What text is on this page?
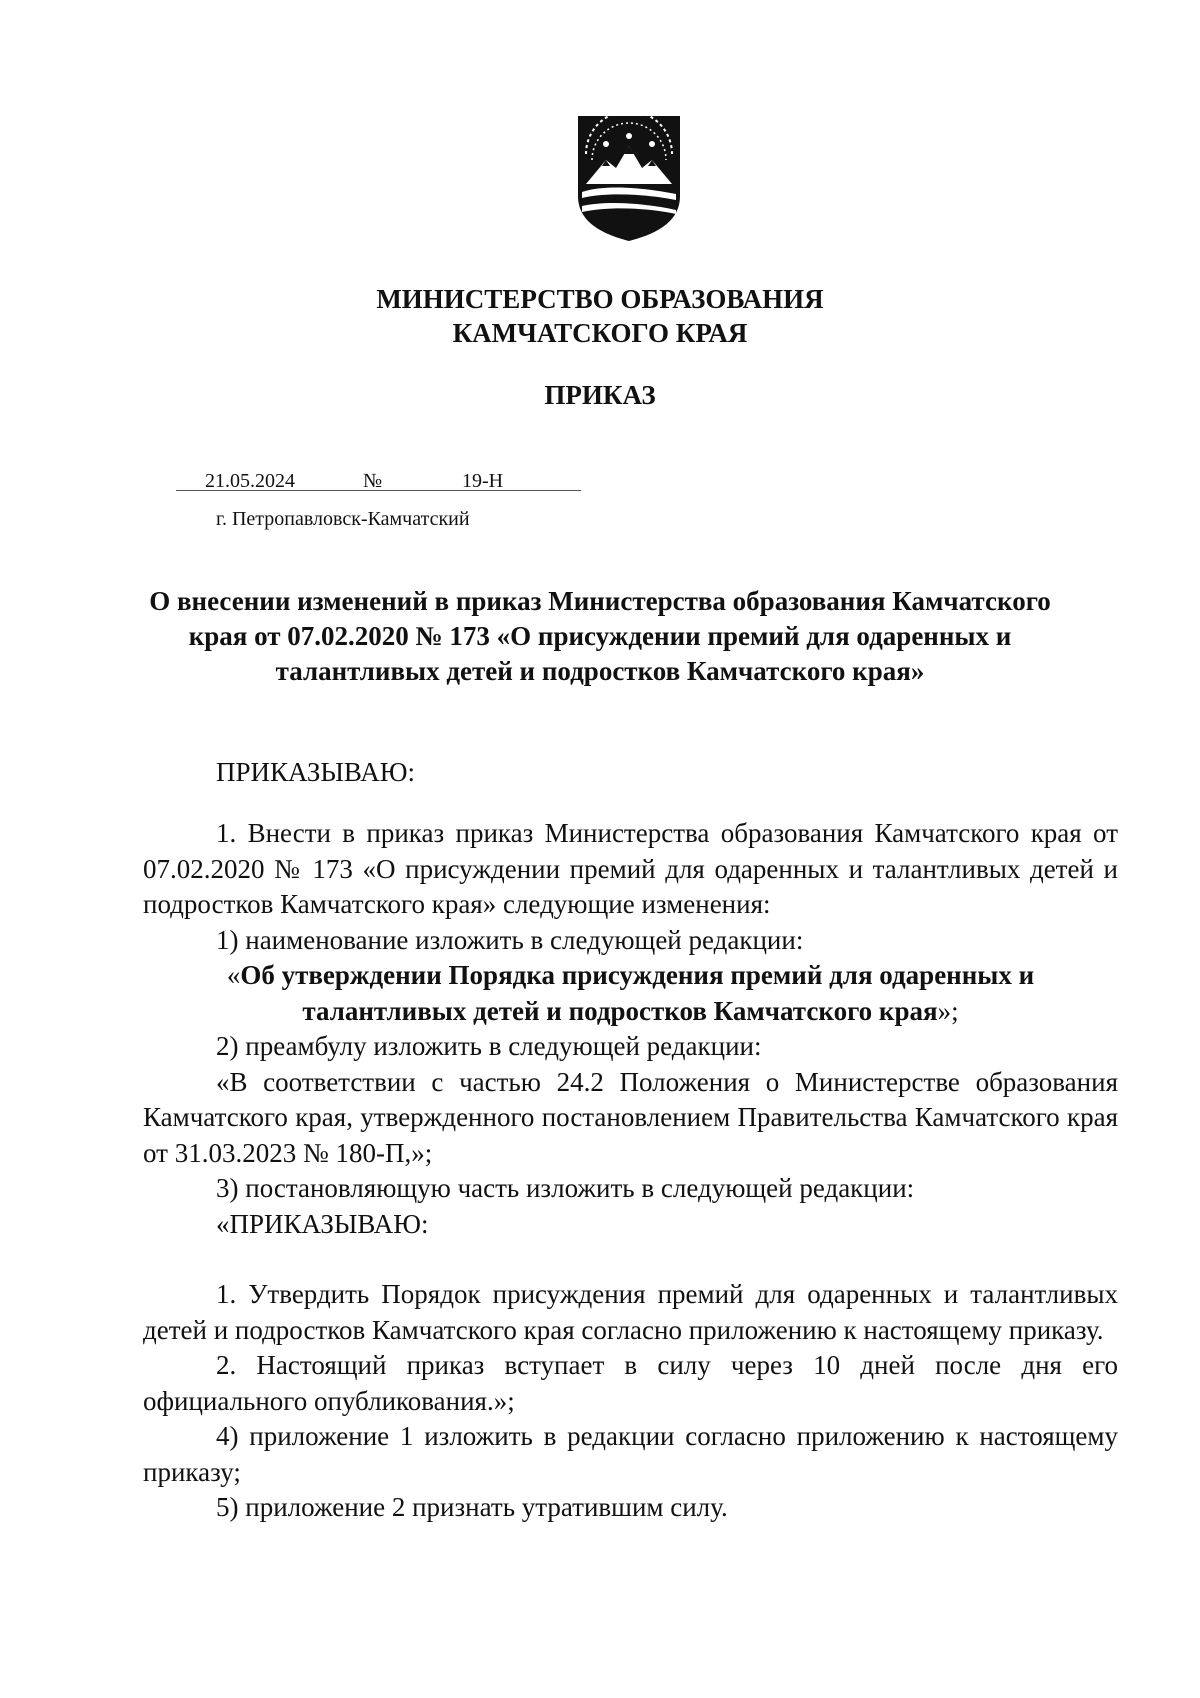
МИНИСТЕРСТВО ОБРАЗОВАНИЯ
КАМЧАТСКОГО КРАЯ
ПРИКАЗ
21.05.2024	№	19-Н
г. Петропавловск-Камчатский
О внесении изменений в приказ Министерства образования Камчатского
края от 07.02.2020 № 173 «О присуждении премий для одаренных и
талантливых детей и подростков Камчатского края»
ПРИКАЗЫВАЮ:

1. Внести в приказ приказ Министерства образования Камчатского края от 07.02.2020 № 173 «О присуждении премий для одаренных и талантливых детей и подростков Камчатского края» следующие изменения:

1) наименование изложить в следующей редакции:

«Об утверждении Порядка присуждения премий для одаренных и
талантливых детей и подростков Камчатского края»;

2) преамбулу изложить в следующей редакции:

«В соответствии с частью 24.2 Положения о Министерстве образования Камчатского края, утвержденного постановлением Правительства Камчатского края от 31.03.2023 № 180-П,»;

3) постановляющую часть изложить в следующей редакции:

«ПРИКАЗЫВАЮ:

1. Утвердить Порядок присуждения премий для одаренных и талантливых детей и подростков Камчатского края согласно приложению к настоящему приказу.

2. Настоящий приказ вступает в силу через 10 дней после дня его официального опубликования.»;

4) приложение 1 изложить в редакции согласно приложению к настоящему приказу;

5) приложение 2 признать утратившим силу.
